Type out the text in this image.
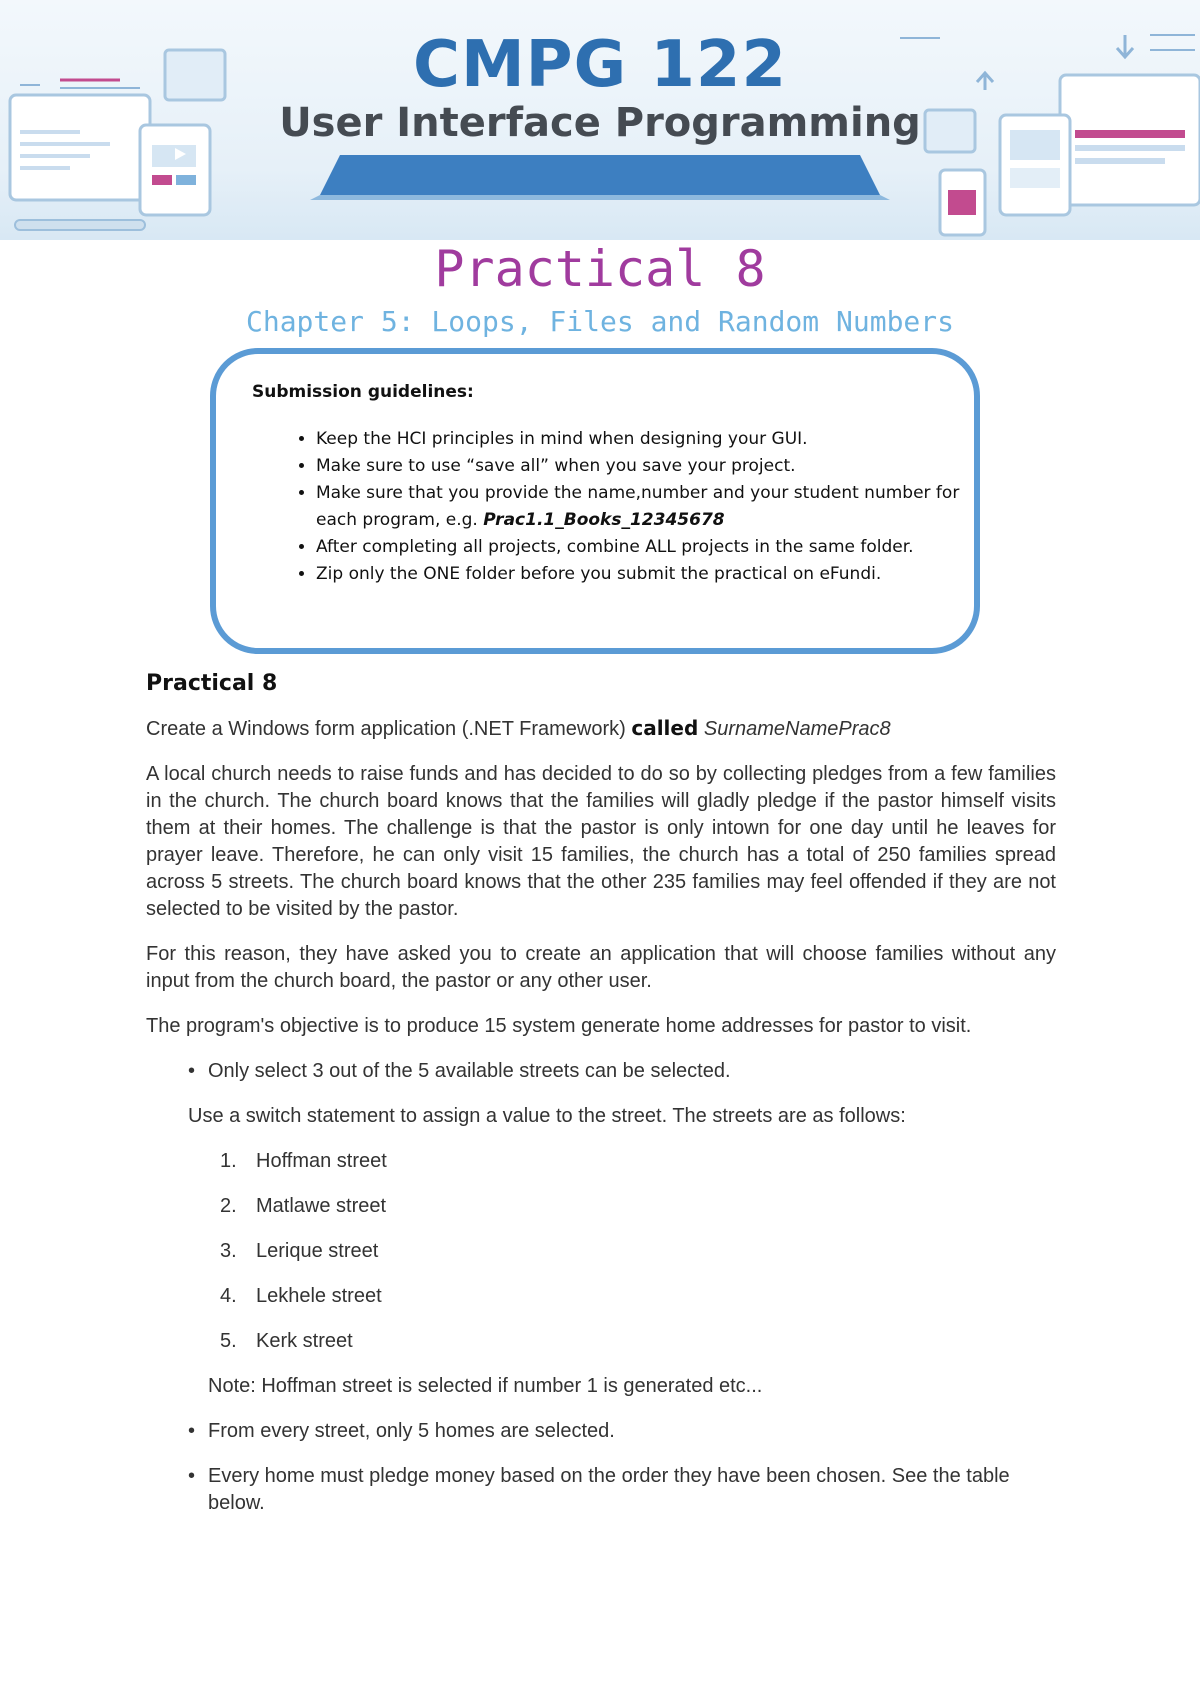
CMPG 122
User Interface Programming
Practical 8
Chapter 5: Loops, Files and Random Numbers
Submission guidelines:
• Keep the HCI principles in mind when designing your GUI.
• Make sure to use “save all” when you save your project.
• Make sure that you provide the name,number and your student number for each program, e.g. Prac1.1_Books_12345678
• After completing all projects, combine ALL projects in the same folder.
• Zip only the ONE folder before you submit the practical on eFundi.
Practical 8

Create a Windows form application (.NET Framework) called SurnameNamePrac8

A local church needs to raise funds and has decided to do so by collecting pledges from a few families in the church. The church board knows that the families will gladly pledge if the pastor himself visits them at their homes. The challenge is that the pastor is only intown for one day until he leaves for prayer leave. Therefore, he can only visit 15 families, the church has a total of 250 families spread across 5 streets. The church board knows that the other 235 families may feel offended if they are not selected to be visited by the pastor.

For this reason, they have asked you to create an application that will choose families without any input from the church board, the pastor or any other user.

The program's objective is to produce 15 system generate home addresses for pastor to visit.

• Only select 3 out of the 5 available streets can be selected.

Use a switch statement to assign a value to the street. The streets are as follows:

1. Hoffman street
2. Matlawe street
3. Lerique street
4. Lekhele street
5. Kerk street

Note: Hoffman street is selected if number 1 is generated etc...

• From every street, only 5 homes are selected.
• Every home must pledge money based on the order they have been chosen. See the table below.
